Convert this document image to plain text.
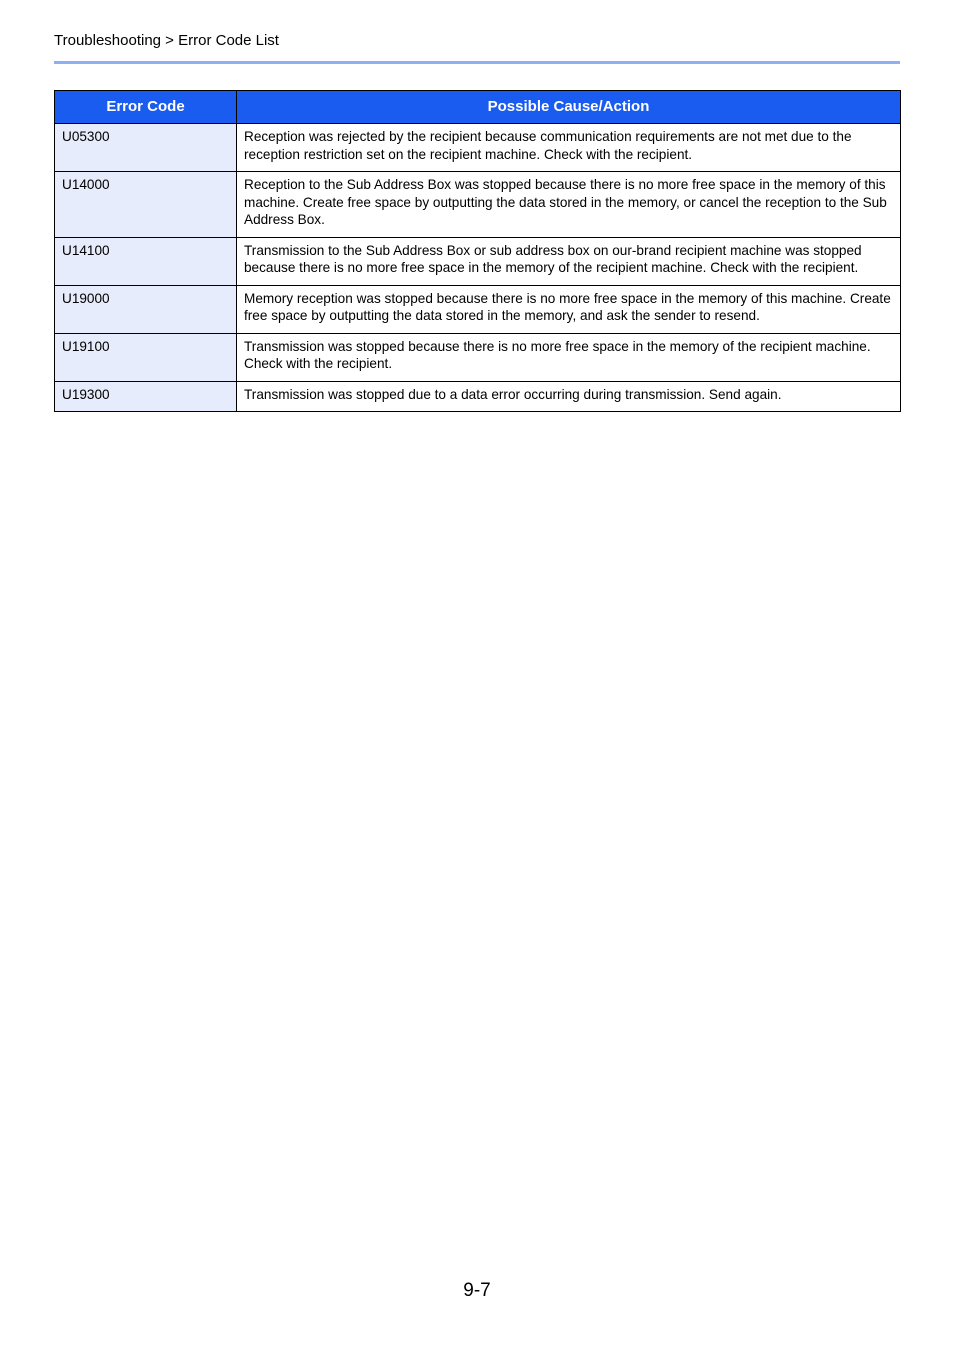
Troubleshooting > Error Code List
Error Code	Possible Cause/Action
U05300	Reception was rejected by the recipient because communication requirements are not met due to the reception restriction set on the recipient machine. Check with the recipient.
U14000	Reception to the Sub Address Box was stopped because there is no more free space in the memory of this machine. Create free space by outputting the data stored in the memory, or cancel the reception to the Sub Address Box.
U14100	Transmission to the Sub Address Box or sub address box on our-brand recipient machine was stopped because there is no more free space in the memory of the recipient machine. Check with the recipient.
U19000	Memory reception was stopped because there is no more free space in the memory of this machine. Create free space by outputting the data stored in the memory, and ask the sender to resend.
U19100	Transmission was stopped because there is no more free space in the memory of the recipient machine. Check with the recipient.
U19300	Transmission was stopped due to a data error occurring during transmission. Send again.
9-7
